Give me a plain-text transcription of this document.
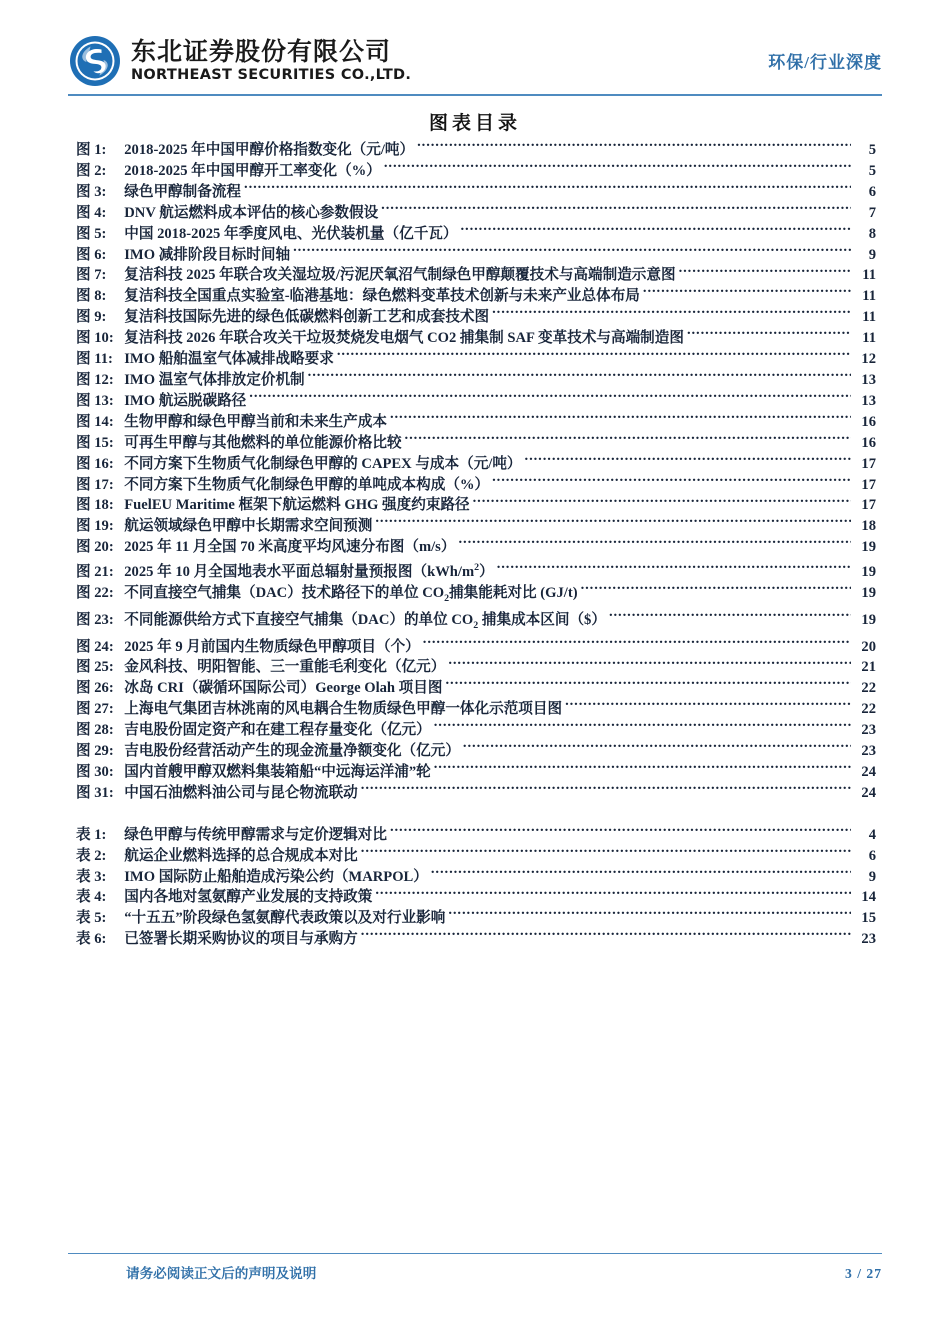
东北证券股份有限公司
NORTHEAST SECURITIES CO.,LTD.
环保/行业深度
图表目录
图 1:	2018-2025 年中国甲醇价格指数变化（元/吨） .....	5
图 2:	2018-2025 年中国甲醇开工率变化（%） .....	5
图 3:	绿色甲醇制备流程 .....	6
图 4:	DNV 航运燃料成本评估的核心参数假设 .....	7
图 5:	中国 2018-2025 年季度风电、光伏装机量（亿千瓦） .....	8
图 6:	IMO 减排阶段目标时间轴 .....	9
图 7:	复洁科技 2025 年联合攻关湿垃圾/污泥厌氧沼气制绿色甲醇颠覆技术与高端制造示意图 .....	11
图 8:	复洁科技全国重点实验室-临港基地：绿色燃料变革技术创新与未来产业总体布局 .....	11
图 9:	复洁科技国际先进的绿色低碳燃料创新工艺和成套技术图 .....	11
图 10: 复洁科技 2026 年联合攻关干垃圾焚烧发电烟气 CO2 捕集制 SAF 变革技术与高端制造图 .....	11
图 11: IMO 船舶温室气体减排战略要求 .....	12
图 12: IMO 温室气体排放定价机制 .....	13
图 13: IMO 航运脱碳路径 .....	13
图 14: 生物甲醇和绿色甲醇当前和未来生产成本 .....	16
图 15: 可再生甲醇与其他燃料的单位能源价格比较 .....	16
图 16: 不同方案下生物质气化制绿色甲醇的 CAPEX 与成本（元/吨） .....	17
图 17: 不同方案下生物质气化制绿色甲醇的单吨成本构成（%） .....	17
图 18: FuelEU Maritime 框架下航运燃料 GHG 强度约束路径 .....	17
图 19: 航运领域绿色甲醇中长期需求空间预测 .....	18
图 20: 2025 年 11 月全国 70 米高度平均风速分布图（m/s） .....	19
图 21: 2025 年 10 月全国地表水平面总辐射量预报图$(kWh/m^2)$ .....	19
图 22: 不同直接空气捕集（DAC）技术路径下的单位 $CO_2$捕集能耗对比 (GJ/t) .....	19
图 23: 不同能源供给方式下直接空气捕集（DAC）的单位 $CO_2$ 捕集成本区间（$） .....	19
图 24: 2025 年 9 月前国内生物质绿色甲醇项目（个） .....	20
图 25: 金风科技、明阳智能、三一重能毛利变化（亿元） .....	21
图 26: 冰岛 CRI（碳循环国际公司）George Olah 项目图 .....	22
图 27: 上海电气集团吉林洮南的风电耦合生物质绿色甲醇一体化示范项目图 .....	22
图 28: 吉电股份固定资产和在建工程存量变化（亿元） .....	23
图 29: 吉电股份经营活动产生的现金流量净额变化（亿元） .....	23
图 30: 国内首艘甲醇双燃料集装箱船“中远海运洋浦”轮 .....	24
图 31: 中国石油燃料油公司与昆仑物流联动 .....	24
表 1:	绿色甲醇与传统甲醇需求与定价逻辑对比 .....	4
表 2:	航运企业燃料选择的总合规成本对比 .....	6
表 3:	IMO 国际防止船舶造成污染公约（MARPOL） .....	9
表 4:	国内各地对氢氨醇产业发展的支持政策 .....	14
表 5:	“十五五”阶段绿色氢氨醇代表政策以及对行业影响 .....	15
表 6:	已签署长期采购协议的项目与承购方 .....	23
请务必阅读正文后的声明及说明	3 / 27
